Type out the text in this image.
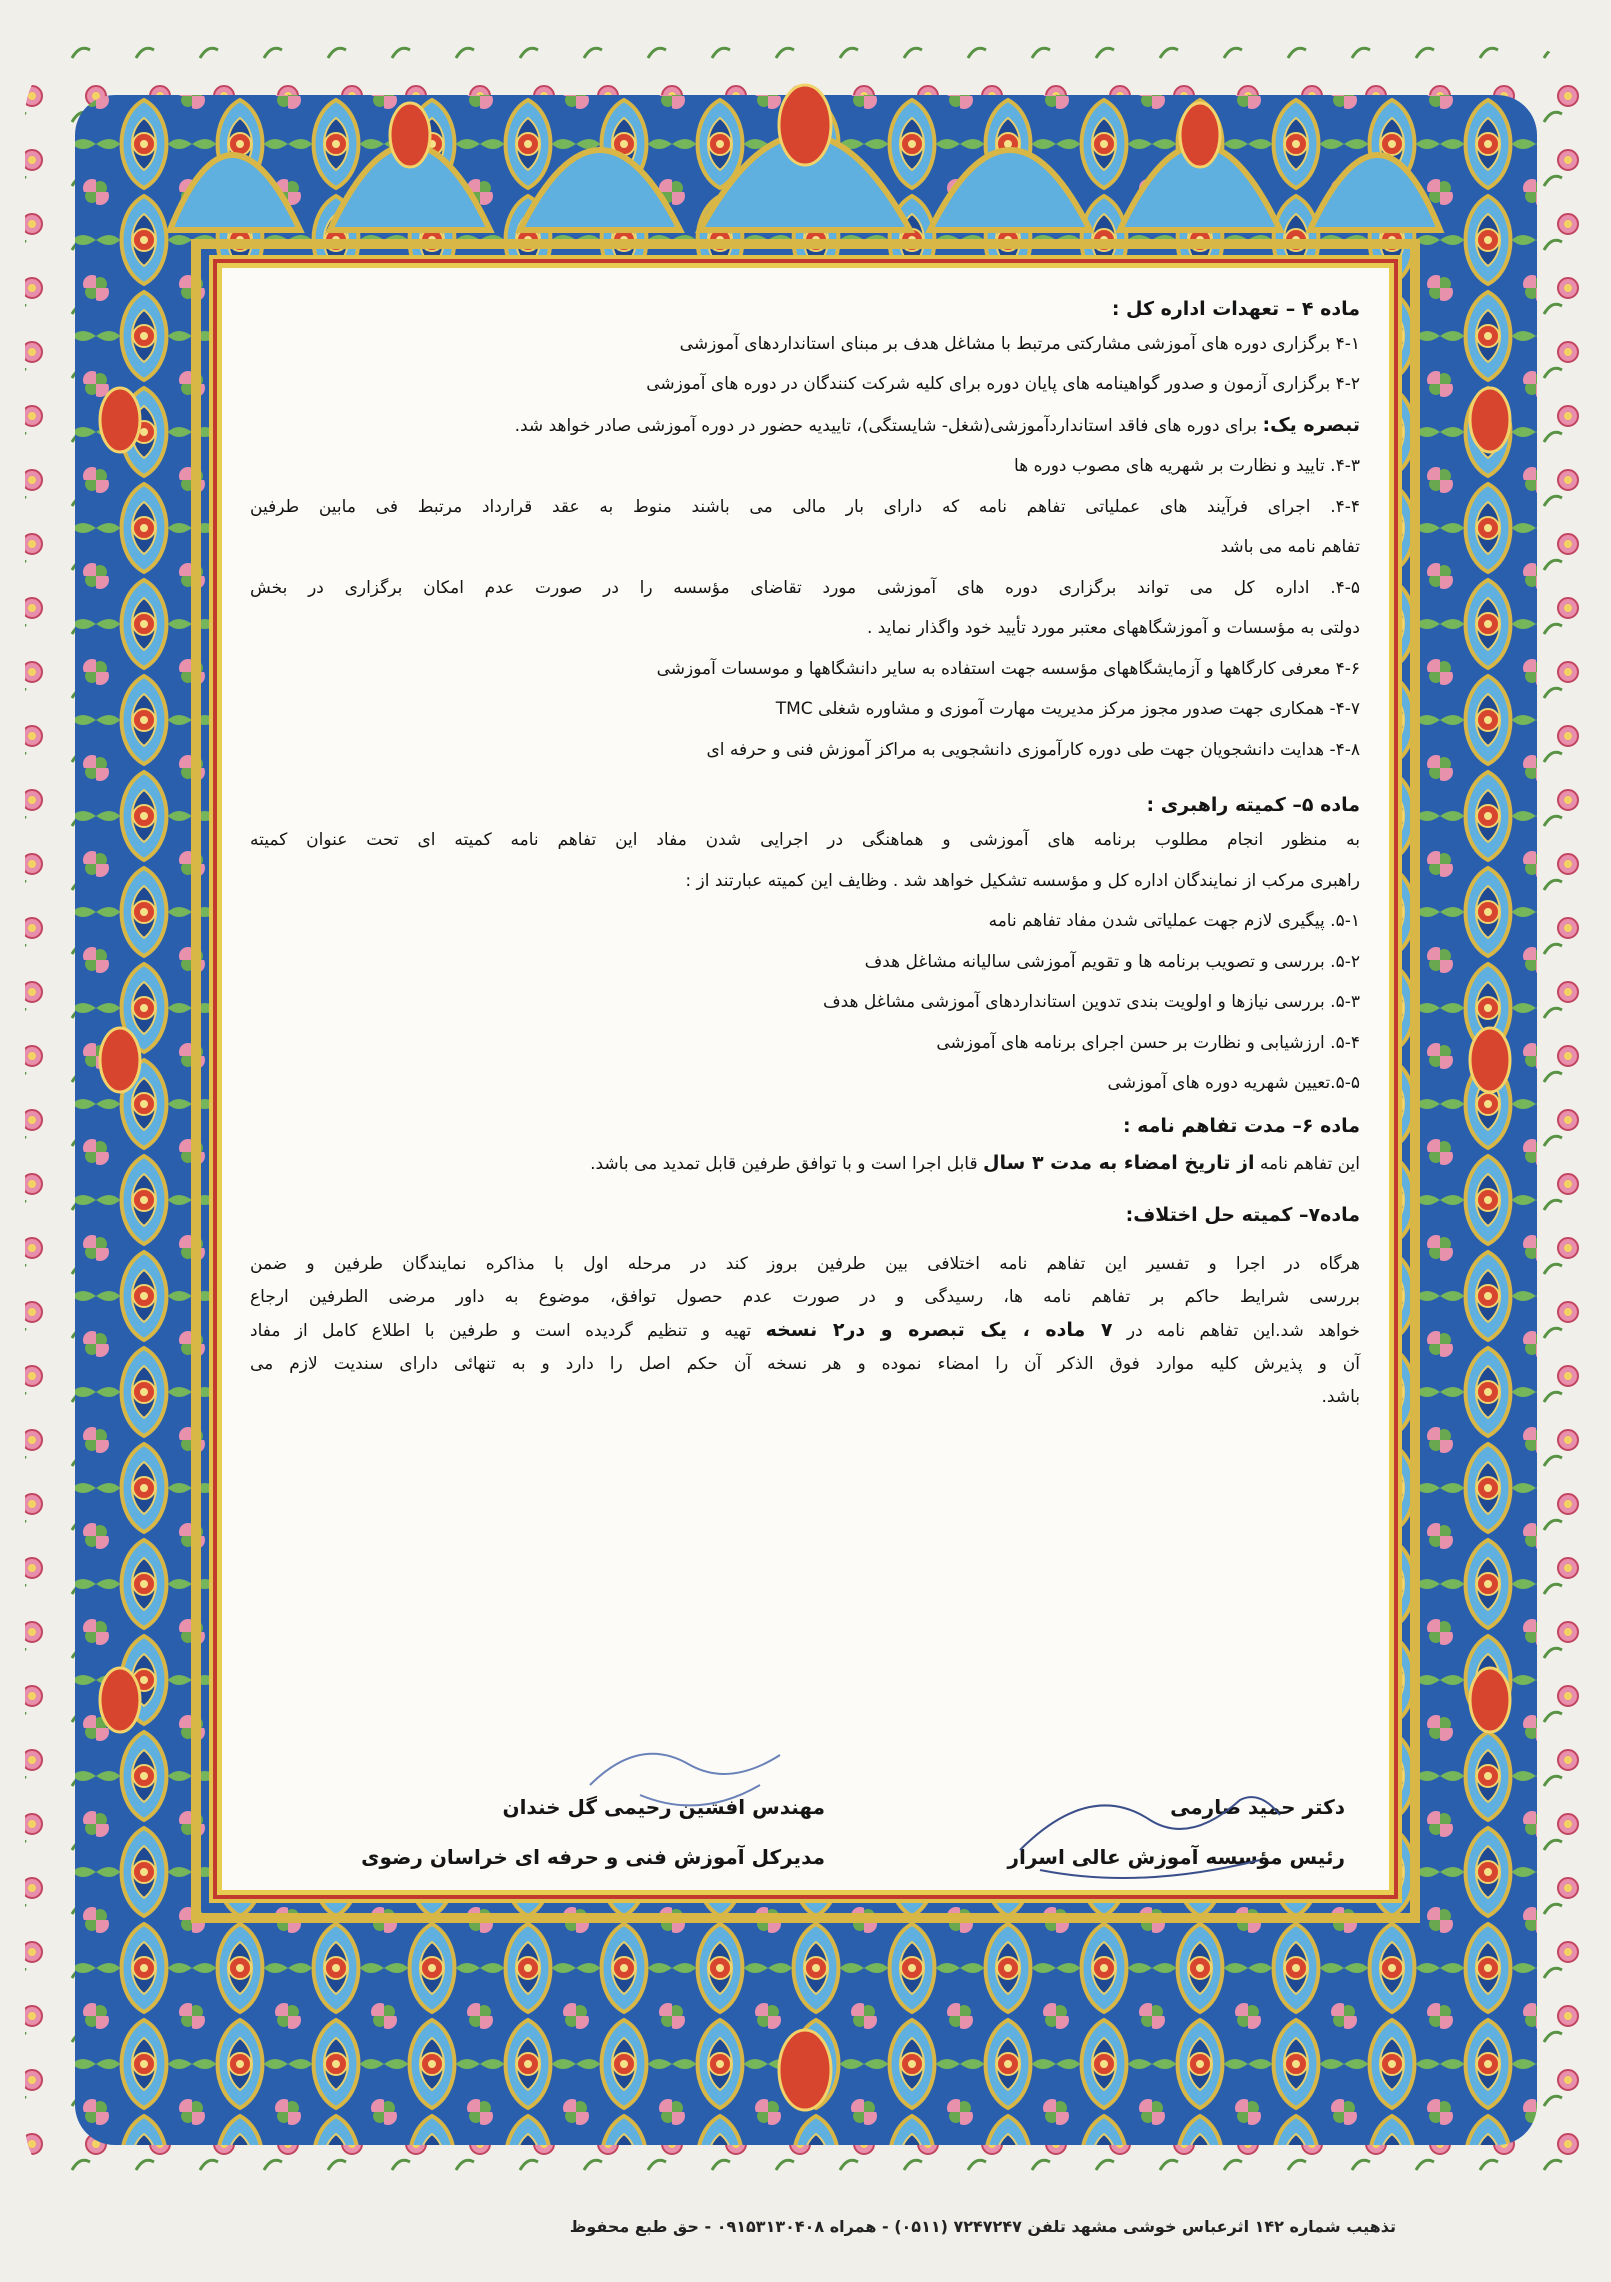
ماده ۴ – تعهدات اداره کل :
۴-۱ برگزاری دوره های آموزشی مشارکتی مرتبط با مشاغل هدف بر مبنای استانداردهای آموزشی
۴-۲ برگزاری آزمون و صدور گواهینامه های پایان دوره برای کلیه شرکت کنندگان در دوره های آموزشی
تبصره یک: برای دوره های فاقد استانداردآموزشی(شغل- شایستگی)، تاییدیه حضور در دوره آموزشی صادر خواهد شد.
۴-۳. تایید و نظارت بر شهریه های مصوب دوره ها
۴-۴. اجرای فرآیند های عملیاتی تفاهم نامه که دارای بار مالی می باشند منوط به عقد قرارداد مرتبط فی مابین طرفین
تفاهم نامه می باشد
۴-۵. اداره کل می تواند برگزاری دوره های آموزشی مورد تقاضای مؤسسه را در صورت عدم امکان برگزاری در بخش
دولتی به مؤسسات و آموزشگاههای معتبر مورد تأیید خود واگذار نماید .
۴-۶ معرفی کارگاهها و آزمایشگاههای مؤسسه جهت استفاده به سایر دانشگاهها و موسسات آموزشی
۴-۷- همکاری جهت صدور مجوز مرکز مدیریت مهارت آموزی و مشاوره شغلی TMC
۴-۸- هدایت دانشجویان جهت طی دوره کارآموزی دانشجویی به مراکز آموزش فنی و حرفه ای
ماده ۵– کمیته راهبری :
به منظور انجام مطلوب برنامه های آموزشی و هماهنگی در اجرایی شدن مفاد این تفاهم نامه کمیته ای تحت عنوان کمیته
راهبری مرکب از نمایندگان اداره کل و مؤسسه تشکیل خواهد شد . وظایف این کمیته عبارتند از :
۵-۱. پیگیری لازم جهت عملیاتی شدن مفاد تفاهم نامه
۵-۲. بررسی و تصویب برنامه ها و تقویم آموزشی سالیانه مشاغل هدف
۵-۳. بررسی نیازها و اولویت بندی تدوین استانداردهای آموزشی مشاغل هدف
۵-۴. ارزشیابی و نظارت بر حسن اجرای برنامه های آموزشی
۵-۵.تعیین شهریه دوره های آموزشی
ماده ۶– مدت تفاهم نامه :
این تفاهم نامه از تاریخ امضاء به مدت ۳ سال قابل اجرا است و با توافق طرفین قابل تمدید می باشد.
ماده۷– کمیته حل اختلاف:
هرگاه در اجرا و تفسیر این تفاهم نامه اختلافی بین طرفین بروز کند در مرحله اول با مذاکره نمایندگان طرفین و ضمن
بررسی شرایط حاکم بر تفاهم نامه ها، رسیدگی و در صورت عدم حصول توافق، موضوع به داور مرضی الطرفین ارجاع
خواهد شد.این تفاهم نامه در ۷ ماده ، یک تبصره و در۲ نسخه تهیه و تنظیم گردیده است و طرفین با اطلاع کامل از مفاد
آن و پذیرش کلیه موارد فوق الذکر آن را امضاء نموده و هر نسخه آن حکم اصل را دارد و به تنهائی دارای سندیت لازم می
باشد.
دکتر حمید صارمی
رئیس مؤسسه آموزش عالی اسرار
مهندس افشین رحیمی گل خندان
مدیرکل آموزش فنی و حرفه ای خراسان رضوی
تذهیب شماره ۱۴۲ اثرعباس خوشی مشهد تلفن ۷۲۴۷۲۴۷ (۰۵۱۱) - همراه ۰۹۱۵۳۱۳۰۴۰۸ - حق طبع محفوظ
